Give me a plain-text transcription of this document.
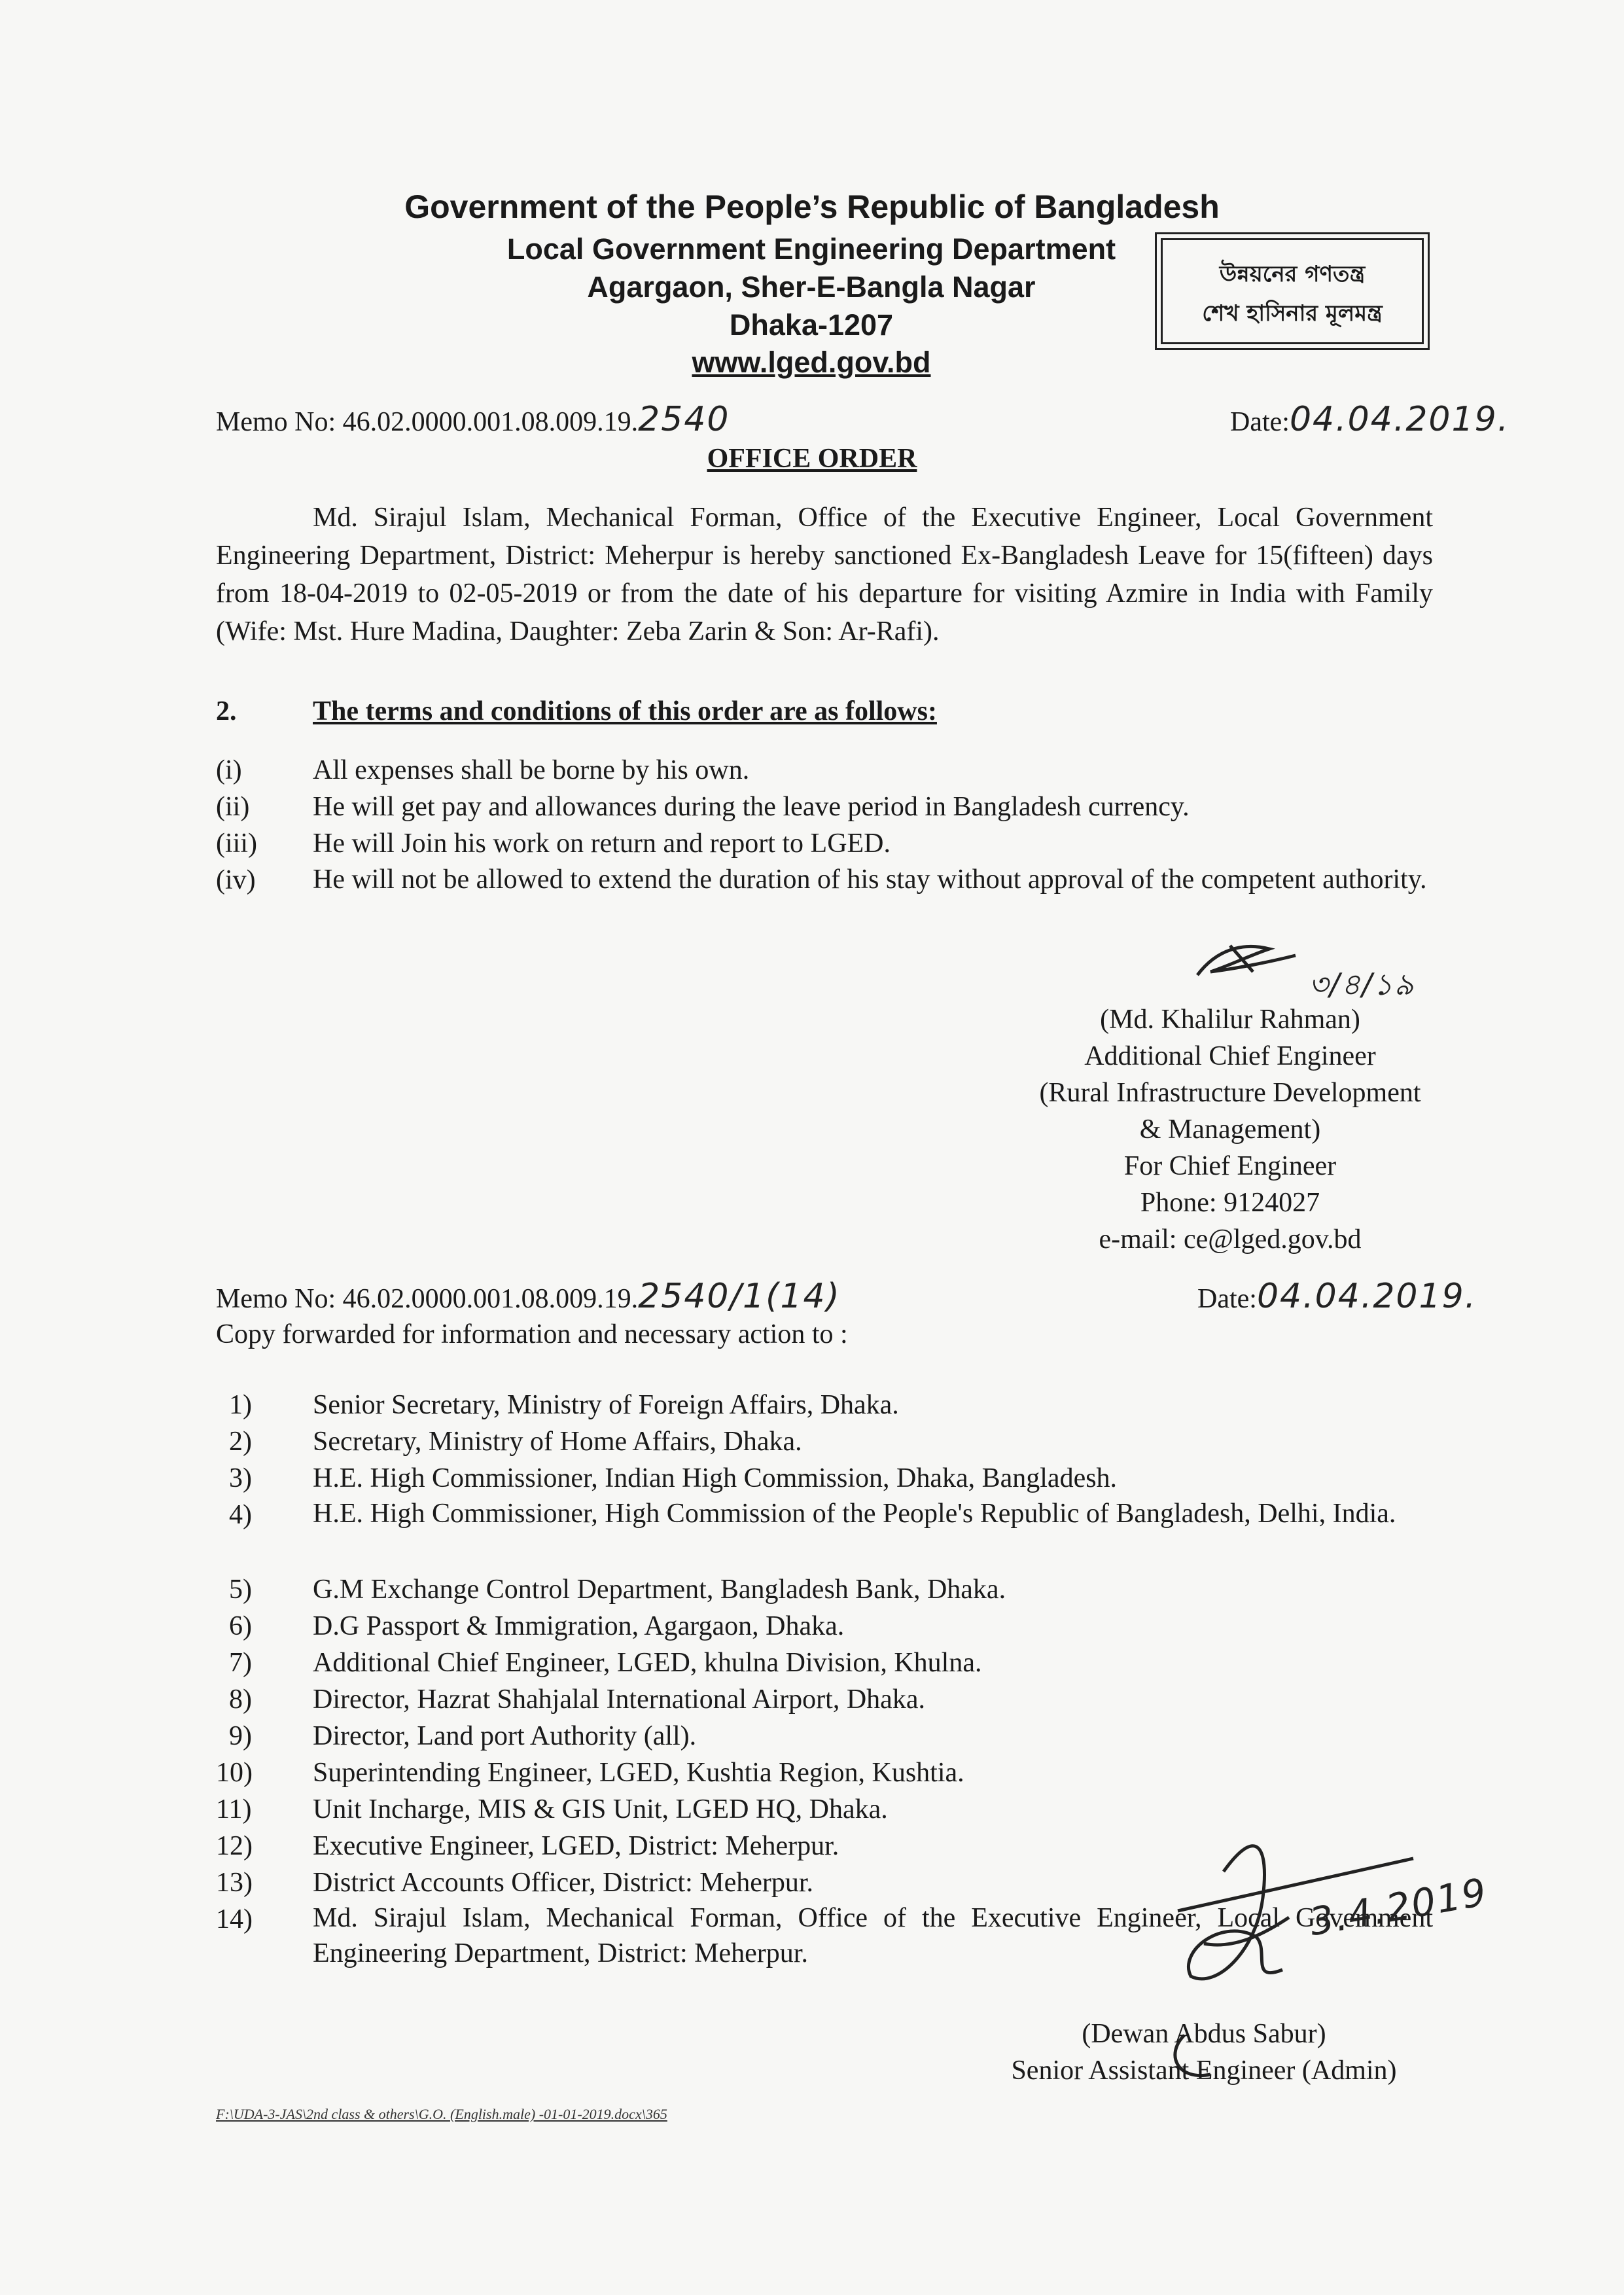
Government of the People’s Republic of Bangladesh
Local Government Engineering Department
Agargaon, Sher-E-Bangla Nagar
Dhaka-1207
www.lged.gov.bd
উন্নয়নের গণতন্ত্র
শেখ হাসিনার মূলমন্ত্র
Memo No: 46.02.0000.001.08.009.19.2540	Date:04.04.2019.
OFFICE ORDER
Md. Sirajul Islam, Mechanical Forman, Office of the Executive Engineer, Local Government Engineering Department, District: Meherpur is hereby sanctioned Ex-Bangladesh Leave for 15(fifteen) days from 18-04-2019 to 02-05-2019 or from the date of his departure for visiting Azmire in India with Family (Wife: Mst. Hure Madina, Daughter: Zeba Zarin & Son: Ar-Rafi).
2.	The terms and conditions of this order are as follows:
(i)	All expenses shall be borne by his own.
(ii)	He will get pay and allowances during the leave period in Bangladesh currency.
(iii)	He will Join his work on return and report to LGED.
(iv)	He will not be allowed to extend the duration of his stay without approval of the competent authority.
৩/৪/১৯
(Md. Khalilur Rahman)
Additional Chief Engineer
(Rural Infrastructure Development
& Management)
For Chief Engineer
Phone: 9124027
e-mail: ce@lged.gov.bd
Memo No: 46.02.0000.001.08.009.19.2540/1(14)	Date:04.04.2019.
Copy forwarded for information and necessary action to :
1)	Senior Secretary, Ministry of Foreign Affairs, Dhaka.
2)	Secretary, Ministry of Home Affairs, Dhaka.
3)	H.E. High Commissioner, Indian High Commission, Dhaka, Bangladesh.
4)	H.E. High Commissioner, High Commission of the People's Republic of Bangladesh, Delhi, India.
5)	G.M Exchange Control Department, Bangladesh Bank, Dhaka.
6)	D.G Passport & Immigration, Agargaon, Dhaka.
7)	Additional Chief Engineer, LGED, khulna Division, Khulna.
8)	Director, Hazrat Shahjalal International Airport, Dhaka.
9)	Director, Land port Authority (all).
10)	Superintending Engineer, LGED, Kushtia Region, Kushtia.
11)	Unit Incharge, MIS & GIS Unit, LGED HQ, Dhaka.
12)	Executive Engineer, LGED, District: Meherpur.
13)	District Accounts Officer, District: Meherpur.
14)	Md. Sirajul Islam, Mechanical Forman, Office of the Executive Engineer, Local Government Engineering Department, District: Meherpur.
3.4.2019
(Dewan Abdus Sabur)
Senior Assistant Engineer (Admin)
F:\UDA-3-JAS\2nd class & others\G.O. (English.male) -01-01-2019.docx\365
